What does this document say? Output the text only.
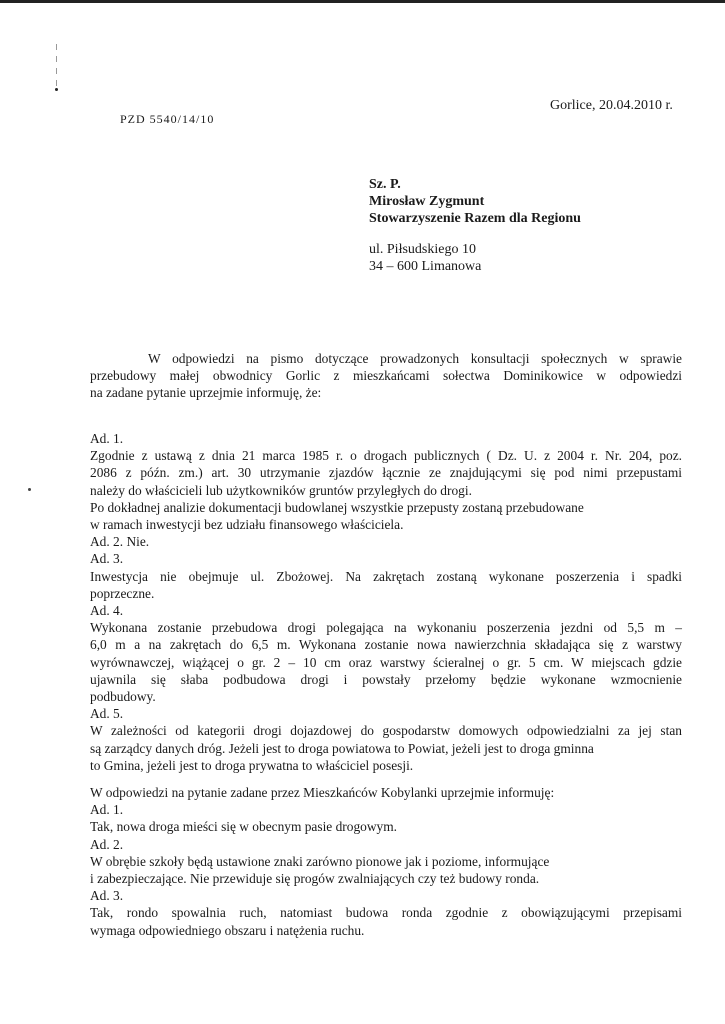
Gorlice, 20.04.2010 r.
PZD 5540/14/10
Sz. P.
Mirosław Zygmunt
Stowarzyszenie Razem dla Regionu
ul. Piłsudskiego 10
34 – 600 Limanowa

W odpowiedzi na pismo dotyczące prowadzonych konsultacji społecznych w sprawie

przebudowy małej obwodnicy Gorlic z mieszkańcami sołectwa Dominikowice w odpowiedzi

na zadane pytanie uprzejmie informuję, że:

Ad. 1.

Zgodnie z ustawą z dnia 21 marca 1985 r. o drogach publicznych ( Dz. U. z 2004 r. Nr. 204, poz.

2086 z późn. zm.) art. 30 utrzymanie zjazdów łącznie ze znajdującymi się pod nimi przepustami

należy do właścicieli lub użytkowników gruntów przyległych do drogi.

Po dokładnej analizie dokumentacji budowlanej wszystkie przepusty zostaną przebudowane

w ramach inwestycji bez udziału finansowego właściciela.

Ad. 2. Nie.

Ad. 3.

Inwestycja nie obejmuje ul. Zbożowej. Na zakrętach zostaną wykonane poszerzenia i spadki

poprzeczne.

Ad. 4.

Wykonana zostanie przebudowa drogi polegająca na wykonaniu poszerzenia jezdni od 5,5 m –

6,0 m a na zakrętach do 6,5 m. Wykonana zostanie nowa nawierzchnia składająca się z warstwy

wyrównawczej, wiążącej o gr. 2 – 10 cm oraz warstwy ścieralnej o gr. 5 cm. W miejscach gdzie

ujawnila się słaba podbudowa drogi i powstały przełomy będzie wykonane wzmocnienie

podbudowy.

Ad. 5.

W zależności od kategorii drogi dojazdowej do gospodarstw domowych odpowiedzialni za jej stan

są zarządcy danych dróg. Jeżeli jest to droga powiatowa to Powiat, jeżeli jest to droga gminna

to Gmina, jeżeli jest to droga prywatna to właściciel posesji.

W odpowiedzi na pytanie zadane przez Mieszkańców Kobylanki uprzejmie informuję:

Ad. 1.

Tak, nowa droga mieści się w obecnym pasie drogowym.

Ad. 2.

W obrębie szkoły będą ustawione znaki zarówno pionowe jak i poziome, informujące

i zabezpieczające. Nie przewiduje się progów zwalniających czy też budowy ronda.

Ad. 3.

Tak, rondo spowalnia ruch, natomiast budowa ronda zgodnie z obowiązującymi przepisami

wymaga odpowiedniego obszaru i natężenia ruchu.
